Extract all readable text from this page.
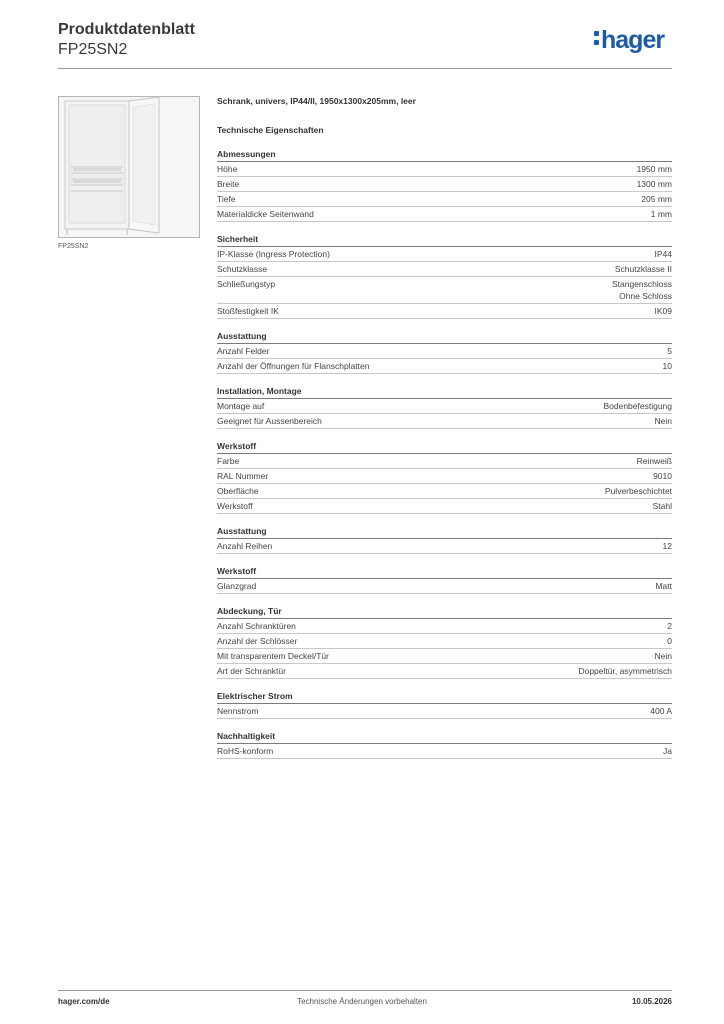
Produktdatenblatt
FP25SN2	hager
FP25SN2
Schrank, univers, IP44/II, 1950x1300x205mm, leer
Technische Eigenschaften
Abmessungen
Höhe	1950 mm
Breite	1300 mm
Tiefe	205 mm
Materialdicke Seitenwand	1 mm
Sicherheit
IP-Klasse (Ingress Protection)	IP44
Schutzklasse	Schutzklasse II
Schließungstyp	Stangenschloss
Ohne Schloss
Stoßfestigkeit IK	IK09
Ausstattung
Anzahl Felder	5
Anzahl der Öffnungen für Flanschplatten	10
Installation, Montage
Montage auf	Bodenbefestigung
Geeignet für Aussenbereich	Nein
Werkstoff
Farbe	Reinweiß
RAL Nummer	9010
Oberfläche	Pulverbeschichtet
Werkstoff	Stahl
Ausstattung
Anzahl Reihen	12
Werkstoff
Glanzgrad	Matt
Abdeckung, Tür
Anzahl Schranktüren	2
Anzahl der Schlösser	0
Mit transparentem Deckel/Tür	Nein
Art der Schranktür	Doppeltür, asymmetrisch
Elektrischer Strom
Nennstrom	400 A
Nachhaltigkeit
RoHS-konform	Ja
hager.com/de	Technische Änderungen vorbehalten	10.05.2026
